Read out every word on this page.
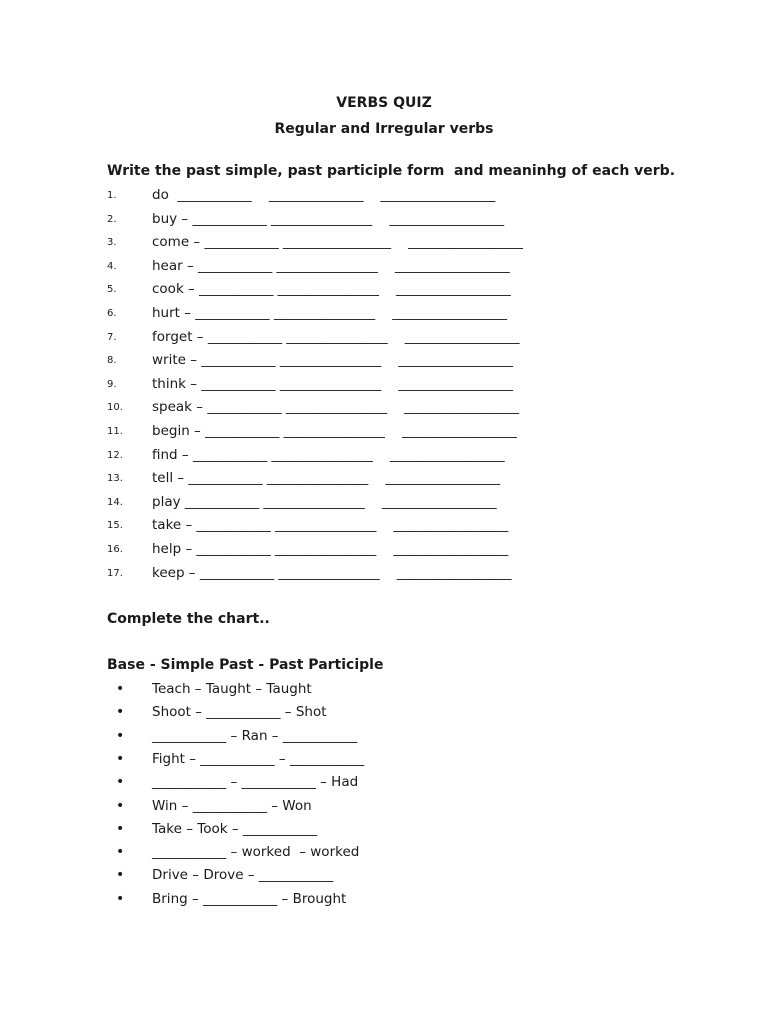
VERBS QUIZ
Regular and Irregular verbs

Write the past simple, past participle form  and meaninhg of each verb.

1.	do  ___________    ______________    _________________
2.	buy – ___________ _______________    _________________
3.	come – ___________ ________________    _________________
4.	hear – ___________ _______________    _________________
5.	cook – ___________ _______________    _________________
6.	hurt – ___________ _______________    _________________
7.	forget – ___________ _______________    _________________
8.	write – ___________ _______________    _________________
9.	think – ___________ _______________    _________________
10. speak – ___________ _______________    _________________
11. begin – ___________ _______________    _________________
12. find – ___________ _______________    _________________
13. tell – ___________ _______________    _________________
14. play ___________ _______________    _________________
15. take – ___________ _______________    _________________
16. help – ___________ _______________    _________________
17. keep – ___________ _______________    _________________

Complete the chart..

Base - Simple Past - Past Participle

• Teach – Taught – Taught
• Shoot – ___________ – Shot
• ___________ – Ran – ___________
• Fight – ___________ – ___________
• ___________ – ___________ – Had
• Win – ___________ – Won
• Take – Took – ___________
• ___________ – worked  – worked
• Drive – Drove – ___________
• Bring – ___________ – Brought
